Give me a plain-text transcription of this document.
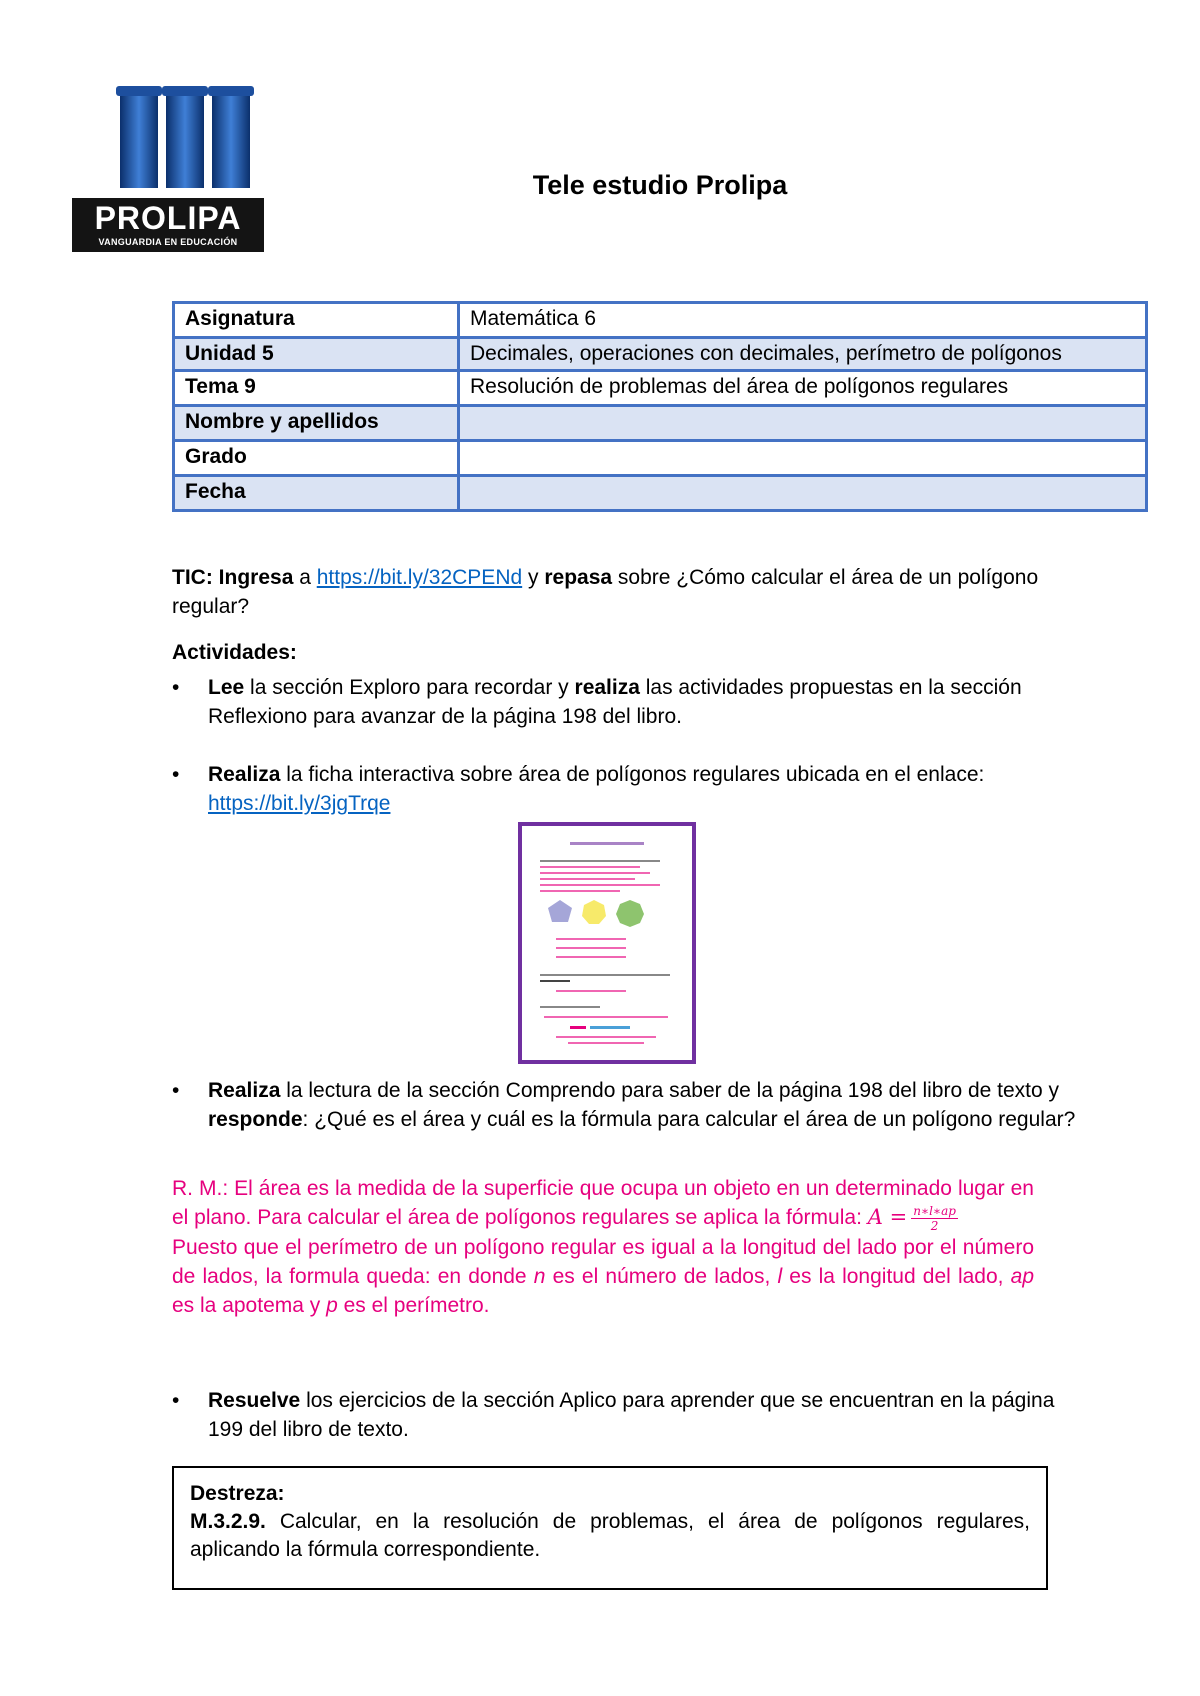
PROLIPA
VANGUARDIA EN EDUCACIÓN
Tele estudio Prolipa
Asignatura	Matemática 6
Unidad 5	Decimales, operaciones con decimales, perímetro de polígonos
Tema 9	Resolución de problemas del área de polígonos regulares
Nombre y apellidos	
Grado	
Fecha	
TIC: Ingresa a https://bit.ly/32CPENd y repasa sobre ¿Cómo calcular el área de un polígono regular?
Actividades:
•	Lee la sección Exploro para recordar y realiza las actividades propuestas en la sección Reflexiono para avanzar de la página 198 del libro.
•	Realiza la ficha interactiva sobre área de polígonos regulares ubicada en el enlace: https://bit.ly/3jgTrqe
•	Realiza la lectura de la sección Comprendo para saber de la página 198 del libro de texto y responde: ¿Qué es el área y cuál es la fórmula para calcular el área de un polígono regular?

R. M.: El área es la medida de la superficie que ocupa un objeto en un determinado lugar en el plano. Para calcular el área de polígonos regulares se aplica la fórmula: $A = \frac{n∗l∗ap}{2}$

Puesto que el perímetro de un polígono regular es igual a la longitud del lado por el número de lados, la formula queda: en donde n es el número de lados, l es la longitud del lado, ap es la apotema y p es el perímetro.

•	Resuelve los ejercicios de la sección Aplico para aprender que se encuentran en la página 199 del libro de texto.

Destreza:

M.3.2.9. Calcular, en la resolución de problemas, el área de polígonos regulares, aplicando la fórmula correspondiente.
